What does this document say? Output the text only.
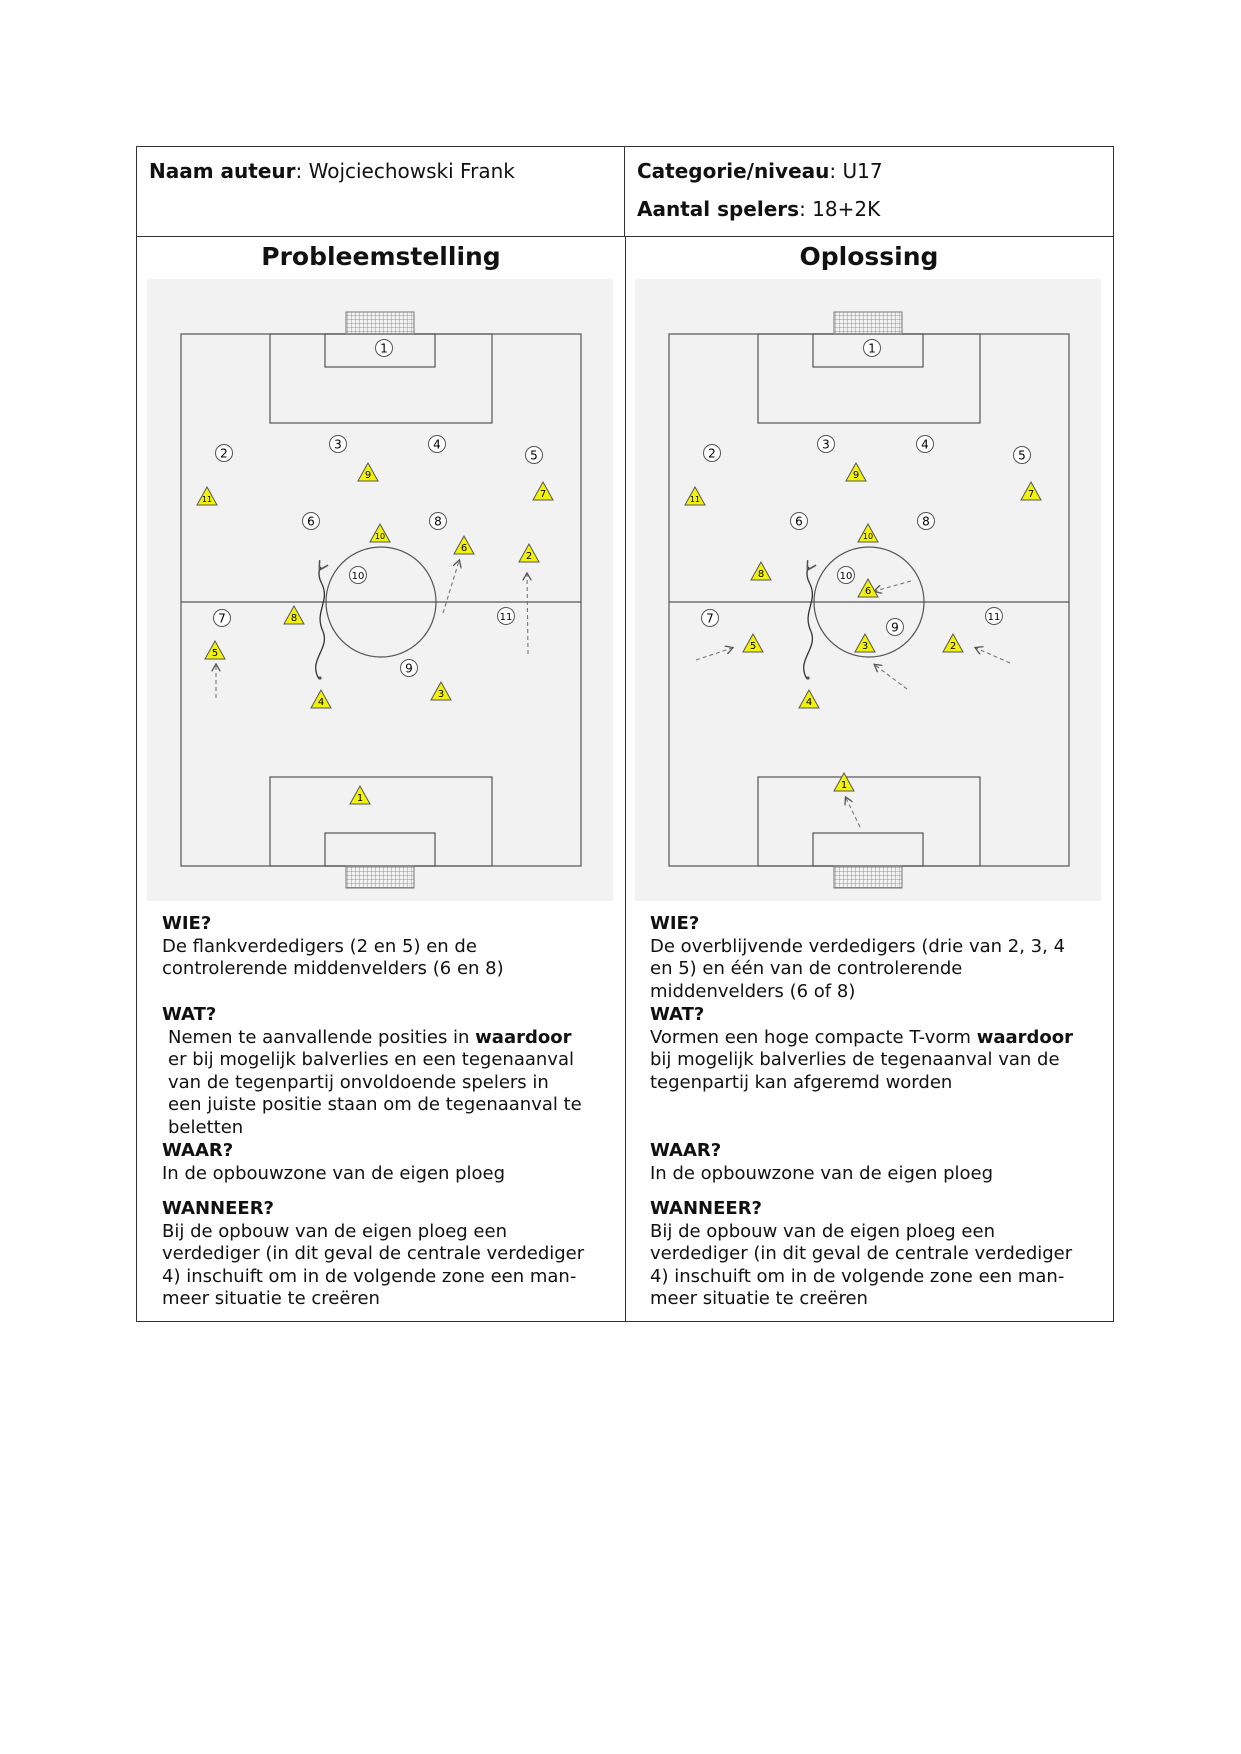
Naam auteur: Wojciechowski Frank	Categorie/niveau: U17
Aantal spelers: 18+2K
Probleemstelling	Oplossing
1
2
3	4
5
6	8
10
7	11
9
9
11	7
10
6
2
8
5
4
3
1
1
2
3	4
5
6	8
10
7	11
9
9
11	7
10
8
6
5	3	2
4
1

WIE?

De flankverdedigers (2 en 5) en de

controlerende middenvelders (6 en 8)

WAT?

Nemen te aanvallende posities in waardoor

er bij mogelijk balverlies en een tegenaanval

van de tegenpartij onvoldoende spelers in

een juiste positie staan om de tegenaanval te

beletten

WAAR?

In de opbouwzone van de eigen ploeg

WANNEER?

Bij de opbouw van de eigen ploeg een

verdediger (in dit geval de centrale verdediger

4) inschuift om in de volgende zone een man-

meer situatie te creëren

WIE?

De overblijvende verdedigers (drie van 2, 3, 4

en 5) en één van de controlerende

middenvelders (6 of 8)

WAT?

Vormen een hoge compacte T-vorm waardoor

bij mogelijk balverlies de tegenaanval van de

tegenpartij kan afgeremd worden

WAAR?

In de opbouwzone van de eigen ploeg

WANNEER?

Bij de opbouw van de eigen ploeg een

verdediger (in dit geval de centrale verdediger

4) inschuift om in de volgende zone een man-

meer situatie te creëren
